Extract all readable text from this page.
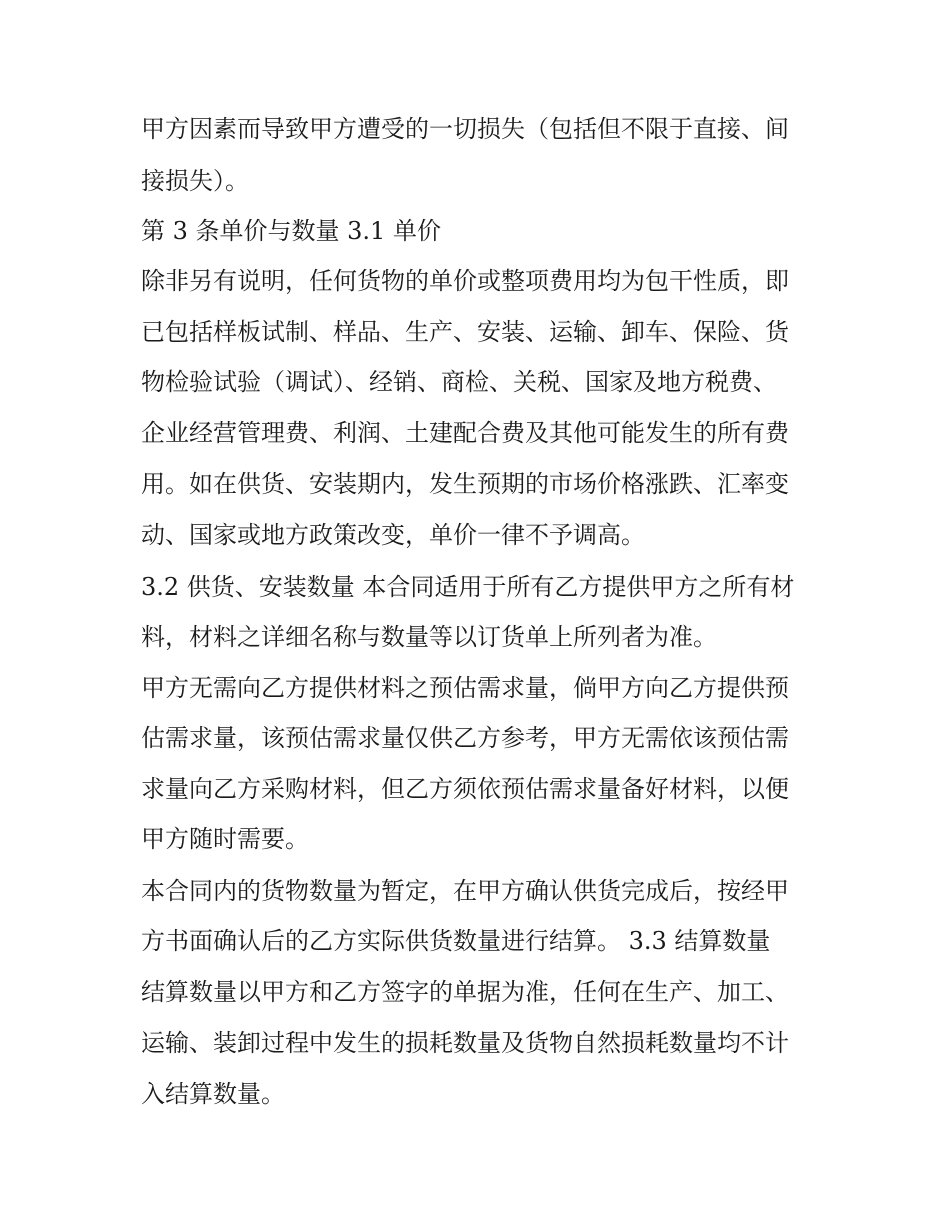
甲方因素而导致甲方遭受的一切损失（包括但不限于直接、间
接损失）。
第 3 条单价与数量 3.1 单价
除非另有说明，任何货物的单价或整项费用均为包干性质，即
已包括样板试制、样品、生产、安装、运输、卸车、保险、货
物检验试验（调试）、经销、商检、关税、国家及地方税费、
企业经营管理费、利润、土建配合费及其他可能发生的所有费
用。如在供货、安装期内，发生预期的市场价格涨跌、汇率变
动、国家或地方政策改变，单价一律不予调高。
3.2 供货、安装数量 本合同适用于所有乙方提供甲方之所有材
料，材料之详细名称与数量等以订货单上所列者为准。
甲方无需向乙方提供材料之预估需求量，倘甲方向乙方提供预
估需求量，该预估需求量仅供乙方参考，甲方无需依该预估需
求量向乙方采购材料，但乙方须依预估需求量备好材料，以便
甲方随时需要。
本合同内的货物数量为暂定，在甲方确认供货完成后，按经甲
方书面确认后的乙方实际供货数量进行结算。 3.3 结算数量
结算数量以甲方和乙方签字的单据为准，任何在生产、加工、
运输、装卸过程中发生的损耗数量及货物自然损耗数量均不计
入结算数量。
